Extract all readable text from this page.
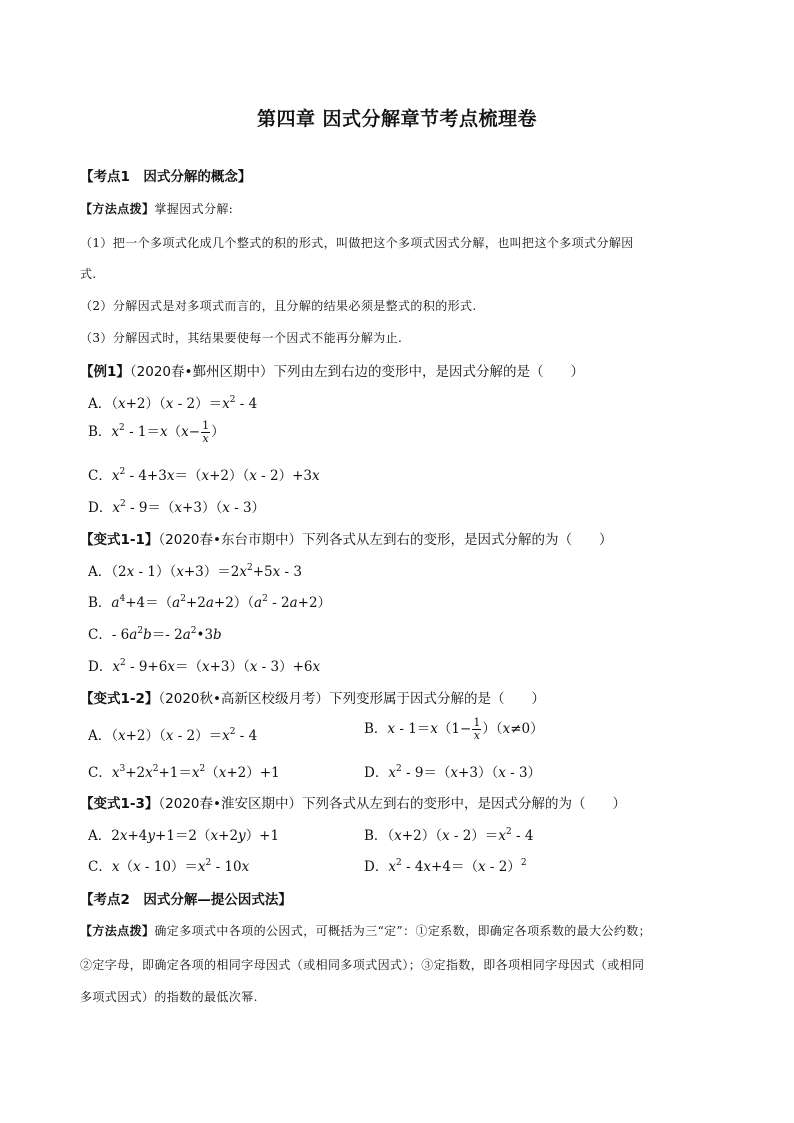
第四章 因式分解章节考点梳理卷
【考点1　因式分解的概念】
【方法点拨】掌握因式分解:
（1）把一个多项式化成几个整式的积的形式，叫做把这个多项式因式分解，也叫把这个多项式分解因
式.
（2）分解因式是对多项式而言的，且分解的结果必须是整式的积的形式.
（3）分解因式时，其结果要使每一个因式不能再分解为止.
【例1】（2020春•鄞州区期中）下列由左到右边的变形中，是因式分解的是（　　）
A．$(x+2)(x - 2)=x^2 - 4$
B．$x^2 - 1=x(x- \frac{1}{x}$ ）
C．$x^2 - 4+3x=(x+2)(x - 2)+3x$
D．$x^2 - 9=(x+3)(x - 3)$
【变式1-1】（2020春•东台市期中）下列各式从左到右的变形，是因式分解的为（　　）
A．$(2x - 1)(x+3)=2x^2+5x - 3$
B．$a^4+4=(a^2+2a+2)(a^2 - 2a+2)$
C．- $6a^2b=-$ $2a^2•3b$
D．$x^2 - 9+6x=(x+3)(x - 3)+6x$
【变式1-2】（2020秋•高新区校级月考）下列变形属于因式分解的是（　　）
A．$(x+2)(x - 2)=x^2 - 4$	B．$x - 1=x(1- \frac{1}{x} )(x\ne 0)$
C．$x^3+2x^2+1=x^2(x+2)+1$	D．$x^2 - 9=(x+3)(x - 3)$
【变式1-3】（2020春•淮安区期中）下列各式从左到右的变形中，是因式分解的为（　　）
A．2x+4y+1＝2（x+2y）+1	B．$(x+2)(x - 2)=x^2 - 4$
C．$x(x - 10)=x^2 - 10x$	D．$x^2 - 4x+4=(x - 2)^2$
【考点2　因式分解—提公因式法】
【方法点拨】确定多项式中各项的公因式，可概括为三“定”：①定系数，即确定各项系数的最大公约数；
②定字母，即确定各项的相同字母因式（或相同多项式因式）；③定指数，即各项相同字母因式（或相同
多项式因式）的指数的最低次幂.
